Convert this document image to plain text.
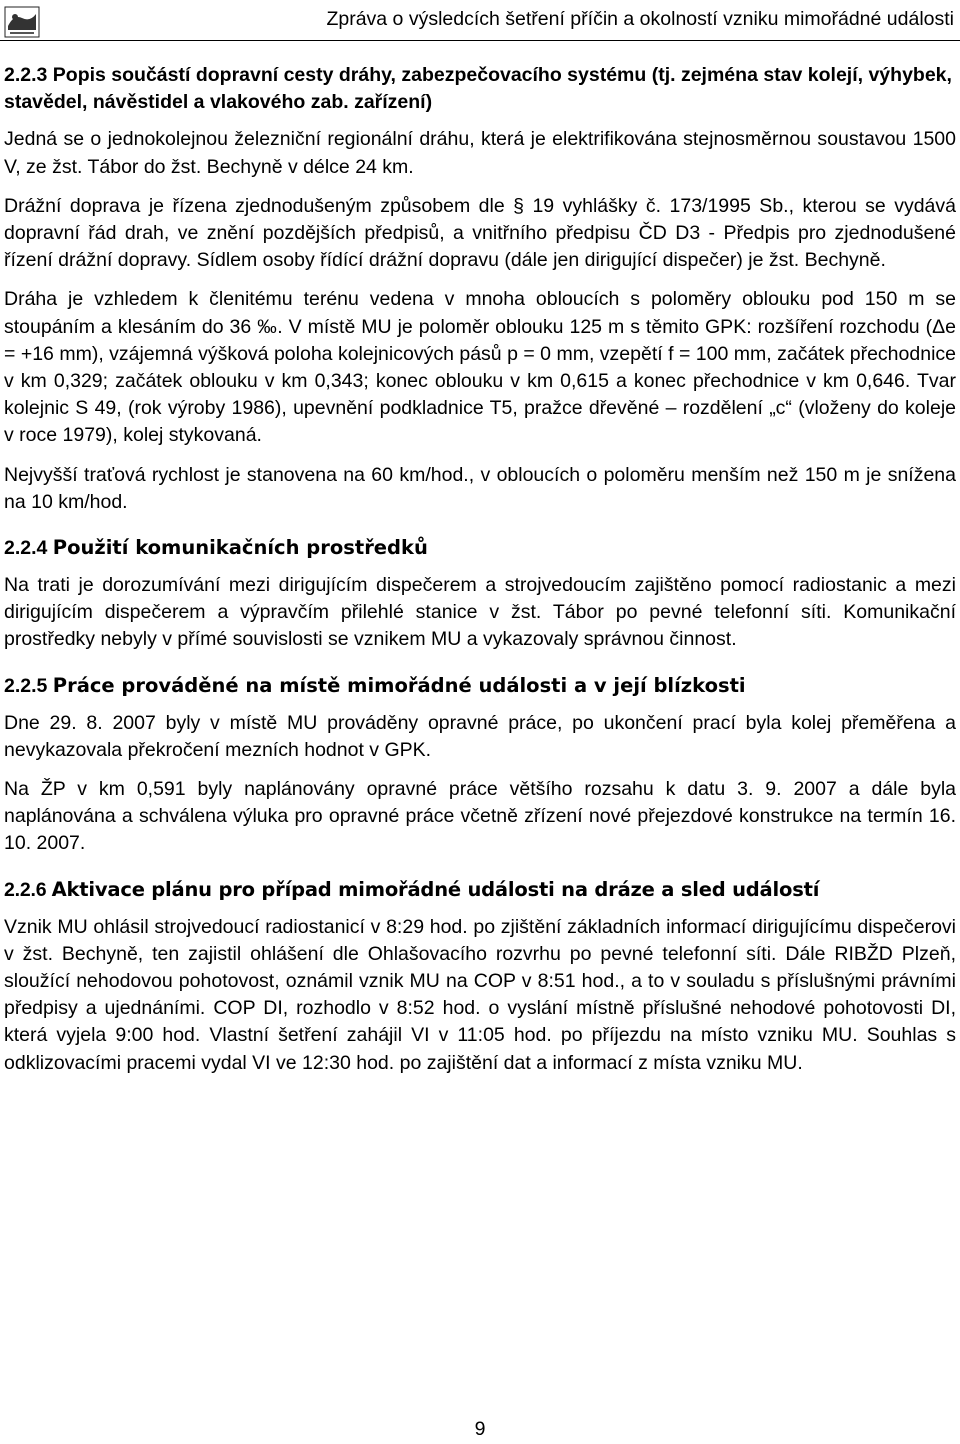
Zpráva o výsledcích šetření příčin a okolností vzniku mimořádné události
2.2.3 Popis součástí dopravní cesty dráhy, zabezpečovacího systému (tj. zejména stav kolejí, výhybek, stavědel, návěstidel a vlakového zab. zařízení)

Jedná se o jednokolejnou železniční regionální dráhu, která je elektrifikována stejnosměrnou soustavou 1500 V, ze žst. Tábor do žst. Bechyně v délce 24 km.

Drážní doprava je řízena zjednodušeným způsobem dle § 19 vyhlášky č. 173/1995 Sb., kterou se vydává dopravní řád drah, ve znění pozdějších předpisů, a vnitřního předpisu ČD D3 - Předpis pro zjednodušené řízení drážní dopravy. Sídlem osoby řídící drážní dopravu (dále jen dirigující dispečer) je žst. Bechyně.

Dráha je vzhledem k členitému terénu vedena v mnoha obloucích s poloměry oblouku pod 150 m se stoupáním a klesáním do 36 ‰. V místě MU je poloměr oblouku 125 m s těmito GPK: rozšíření rozchodu (Δe = +16 mm), vzájemná výšková poloha kolejnicových pásů p = 0 mm, vzepětí f = 100 mm, začátek přechodnice v km 0,329; začátek oblouku v km 0,343; konec oblouku v km 0,615 a konec přechodnice v km 0,646. Tvar kolejnic S 49, (rok výroby 1986), upevnění podkladnice T5, pražce dřevěné – rozdělení „c“ (vloženy do koleje v roce 1979), kolej stykovaná.

Nejvyšší traťová rychlost je stanovena na 60 km/hod., v obloucích o poloměru menším než 150 m je snížena na 10 km/hod.

2.2.4 Použití komunikačních prostředků

Na trati je dorozumívání mezi dirigujícím dispečerem a strojvedoucím zajištěno pomocí radiostanic a mezi dirigujícím dispečerem a výpravčím přilehlé stanice v žst. Tábor po pevné telefonní síti. Komunikační prostředky nebyly v přímé souvislosti se vznikem MU a vykazovaly správnou činnost.

2.2.5 Práce prováděné na místě mimořádné události a v její blízkosti

Dne 29. 8. 2007 byly v místě MU prováděny opravné práce, po ukončení prací byla kolej přeměřena a nevykazovala překročení mezních hodnot v GPK.

Na ŽP v km 0,591 byly naplánovány opravné práce většího rozsahu k datu 3. 9. 2007 a dále byla naplánována a schválena výluka pro opravné práce včetně zřízení nové přejezdové konstrukce na termín 16. 10. 2007.

2.2.6 Aktivace plánu pro případ mimořádné události na dráze a sled událostí

Vznik MU ohlásil strojvedoucí radiostanicí v 8:29 hod. po zjištění základních informací dirigujícímu dispečerovi v žst. Bechyně, ten zajistil ohlášení dle Ohlašovacího rozvrhu po pevné telefonní síti. Dále RIBŽD Plzeň, sloužící nehodovou pohotovost, oznámil vznik MU na COP v 8:51 hod., a to v souladu s příslušnými právními předpisy a ujednáními. COP DI, rozhodlo v 8:52 hod. o vyslání místně příslušné nehodové pohotovosti DI, která vyjela 9:00 hod. Vlastní šetření zahájil VI v 11:05 hod. po příjezdu na místo vzniku MU. Souhlas s odklizovacími pracemi vydal VI ve 12:30 hod. po zajištění dat a informací z místa vzniku MU.

9
